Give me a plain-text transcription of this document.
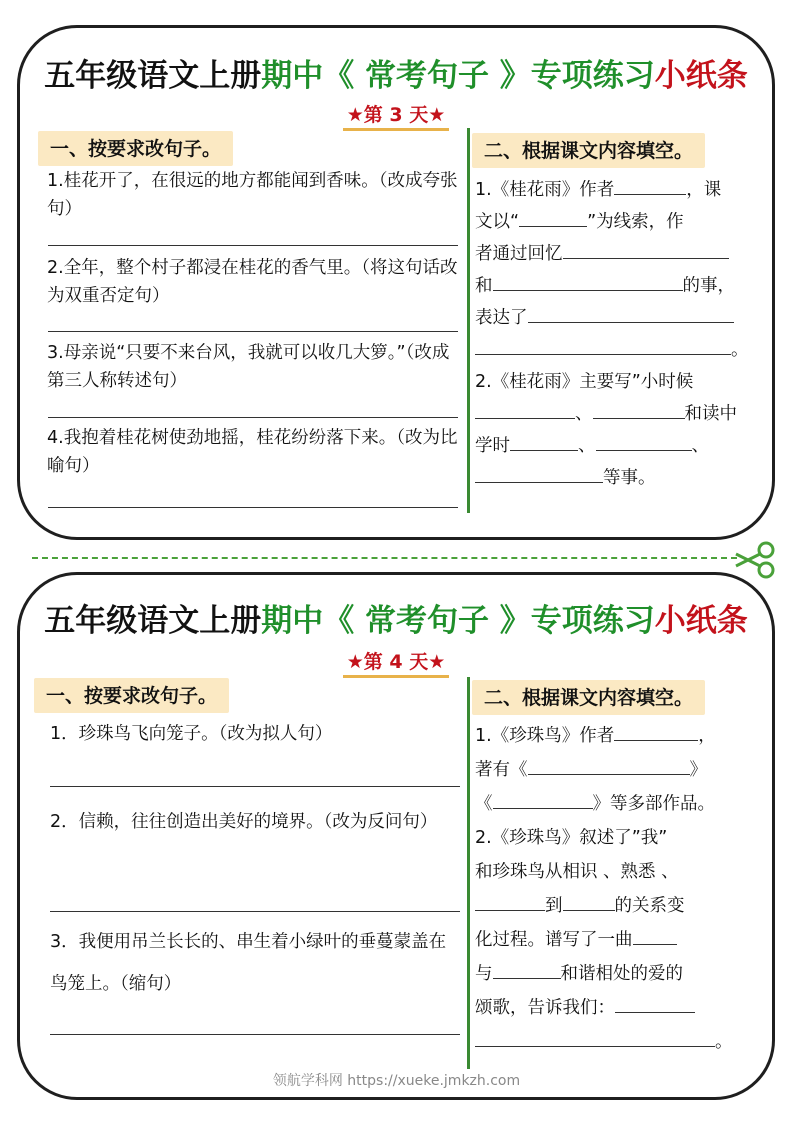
五年级语文上册期中《 常考句子 》专项练习小纸条
★第 3 天★
一、按要求改句子。	二、根据课文内容填空。
1.桂花开了，在很远的地方都能闻到香味。（改成夸张句）
2.全年，整个村子都浸在桂花的香气里。（将这句话改为双重否定句）
3.母亲说“只要不来台风，我就可以收几大箩。”（改成第三人称转述句）
4.我抱着桂花树使劲地摇，桂花纷纷落下来。（改为比喻句）
1.《桂花雨》作者	，课
文以“	”为线索，作
者通过回忆
和	的事，
表达了
。
2.《桂花雨》主要写”小时候
、	和读中
学时	、	、
等事。
五年级语文上册期中《 常考句子 》专项练习小纸条
★第 4 天★
一、按要求改句子。	二、根据课文内容填空。
1．珍珠鸟飞向笼子。（改为拟人句）
2．信赖，往往创造出美好的境界。（改为反问句）
3．我便用吊兰长长的、串生着小绿叶的垂蔓蒙盖在鸟笼上。（缩句）
1.《珍珠鸟》作者	，
著有《	》
《	》等多部作品。
2.《珍珠鸟》叙述了”我”
和珍珠鸟从相识 、熟悉 、
到	的关系变
化过程。谱写了一曲
与	和谐相处的爱的
颂歌，告诉我们：
。
领航学科网 https://xueke.jmkzh.com
